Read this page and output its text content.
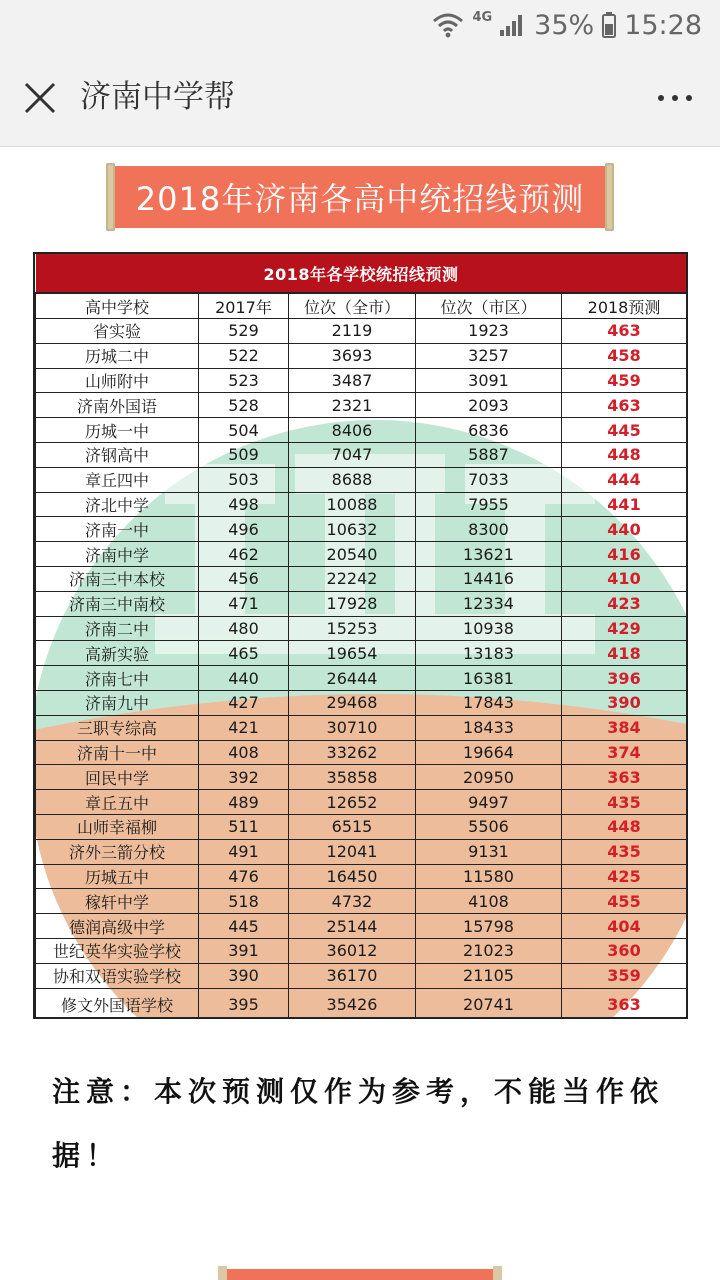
4G 35% 15:28
济南中学帮
2018年济南各高中统招线预测
2018年各学校统招线预测				
高中学校	2017年	位次（全市）	位次（市区）	2018预测
省实验	529	2119	1923	463
历城二中	522	3693	3257	458
山师附中	523	3487	3091	459
济南外国语	528	2321	2093	463
历城一中	504	8406	6836	445
济钢高中	509	7047	5887	448
章丘四中	503	8688	7033	444
济北中学	498	10088	7955	441
济南一中	496	10632	8300	440
济南中学	462	20540	13621	416
济南三中本校	456	22242	14416	410
济南三中南校	471	17928	12334	423
济南二中	480	15253	10938	429
高新实验	465	19654	13183	418
济南七中	440	26444	16381	396
济南九中	427	29468	17843	390
三职专综高	421	30710	18433	384
济南十一中	408	33262	19664	374
回民中学	392	35858	20950	363
章丘五中	489	12652	9497	435
山师幸福柳	511	6515	5506	448
济外三箭分校	491	12041	9131	435
历城五中	476	16450	11580	425
稼轩中学	518	4732	4108	455
德润高级中学	445	25144	15798	404
世纪英华实验学校	391	36012	21023	360
协和双语实验学校	390	36170	21105	359
修文外国语学校	395	35426	20741	363
注意：本次预测仅作为参考，不能当作依据！
